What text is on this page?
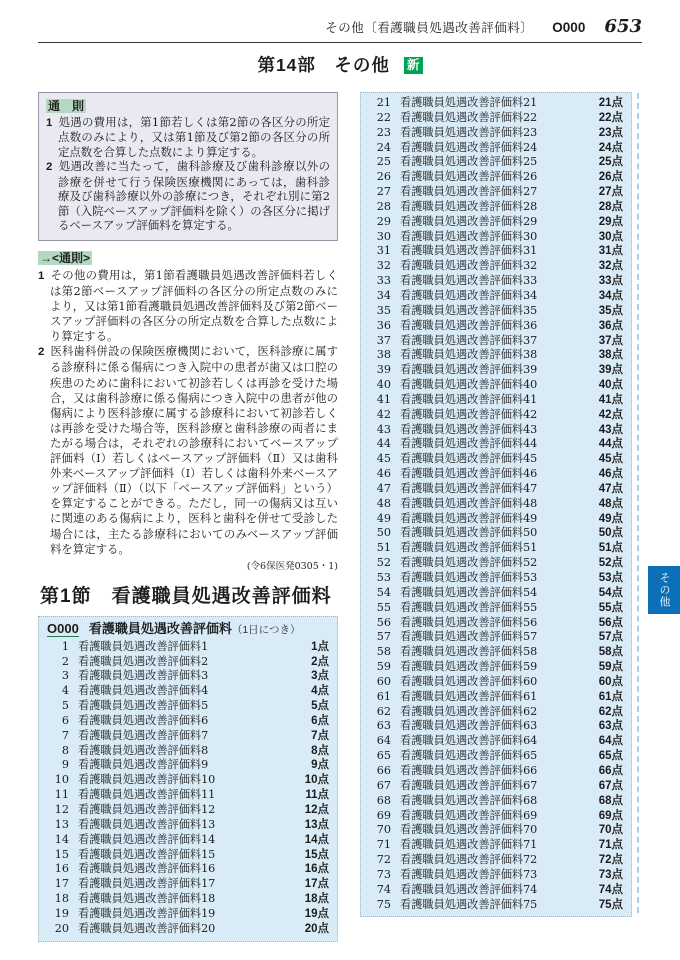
その他〔看護職員処遇改善評価料〕 O000 653
第14部　その他 新
通　則
1 処遇の費用は，第1節若しくは第2節の各区分の所定点数のみにより，又は第1節及び第2節の各区分の所定点数を合算した点数により算定する。
2 処遇改善に当たって，歯科診療及び歯科診療以外の診療を併せて行う保険医療機関にあっては，歯科診療及び歯科診療以外の診療につき，それぞれ別に第2節（入院ベースアップ評価料を除く）の各区分に掲げるベースアップ評価料を算定する。
→<通則>
1 その他の費用は，第1節看護職員処遇改善評価料若しくは第2節ベースアップ評価料の各区分の所定点数のみにより，又は第1節看護職員処遇改善評価料及び第2節ベースアップ評価料の各区分の所定点数を合算した点数により算定する。
2 医科歯科併設の保険医療機関において，医科診療に属する診療科に係る傷病につき入院中の患者が歯又は口腔の疾患のために歯科において初診若しくは再診を受けた場合，又は歯科診療に係る傷病につき入院中の患者が他の傷病により医科診療に属する診療科において初診若しくは再診を受けた場合等，医科診療と歯科診療の両者にまたがる場合は，それぞれの診療科においてベースアップ評価料（Ⅰ）若しくはベースアップ評価料（Ⅱ）又は歯科外来ベースアップ評価料（Ⅰ）若しくは歯科外来ベースアップ評価料（Ⅱ）（以下「ベースアップ評価料」という）を算定することができる。ただし，同一の傷病又は互いに関連のある傷病により，医科と歯科を併せて受診した場合には，主たる診療科においてのみベースアップ評価料を算定する。
(令6保医発0305・1)
第1節　看護職員処遇改善評価料
O000 看護職員処遇改善評価料（1日につき）
1 看護職員処遇改善評価料1	1点
2 看護職員処遇改善評価料2	2点
3 看護職員処遇改善評価料3	3点
4 看護職員処遇改善評価料4	4点
5 看護職員処遇改善評価料5	5点
6 看護職員処遇改善評価料6	6点
7 看護職員処遇改善評価料7	7点
8 看護職員処遇改善評価料8	8点
9 看護職員処遇改善評価料9	9点
10 看護職員処遇改善評価料10	10点
11 看護職員処遇改善評価料11	11点
12 看護職員処遇改善評価料12	12点
13 看護職員処遇改善評価料13	13点
14 看護職員処遇改善評価料14	14点
15 看護職員処遇改善評価料15	15点
16 看護職員処遇改善評価料16	16点
17 看護職員処遇改善評価料17	17点
18 看護職員処遇改善評価料18	18点
19 看護職員処遇改善評価料19	19点
20 看護職員処遇改善評価料20	20点
21 看護職員処遇改善評価料21	21点
22 看護職員処遇改善評価料22	22点
23 看護職員処遇改善評価料23	23点
24 看護職員処遇改善評価料24	24点
25 看護職員処遇改善評価料25	25点
26 看護職員処遇改善評価料26	26点
27 看護職員処遇改善評価料27	27点
28 看護職員処遇改善評価料28	28点
29 看護職員処遇改善評価料29	29点
30 看護職員処遇改善評価料30	30点
31 看護職員処遇改善評価料31	31点
32 看護職員処遇改善評価料32	32点
33 看護職員処遇改善評価料33	33点
34 看護職員処遇改善評価料34	34点
35 看護職員処遇改善評価料35	35点
36 看護職員処遇改善評価料36	36点
37 看護職員処遇改善評価料37	37点
38 看護職員処遇改善評価料38	38点
39 看護職員処遇改善評価料39	39点
40 看護職員処遇改善評価料40	40点
41 看護職員処遇改善評価料41	41点
42 看護職員処遇改善評価料42	42点
43 看護職員処遇改善評価料43	43点
44 看護職員処遇改善評価料44	44点
45 看護職員処遇改善評価料45	45点
46 看護職員処遇改善評価料46	46点
47 看護職員処遇改善評価料47	47点
48 看護職員処遇改善評価料48	48点
49 看護職員処遇改善評価料49	49点
50 看護職員処遇改善評価料50	50点
51 看護職員処遇改善評価料51	51点
52 看護職員処遇改善評価料52	52点
53 看護職員処遇改善評価料53	53点
54 看護職員処遇改善評価料54	54点
55 看護職員処遇改善評価料55	55点
56 看護職員処遇改善評価料56	56点
57 看護職員処遇改善評価料57	57点
58 看護職員処遇改善評価料58	58点
59 看護職員処遇改善評価料59	59点
60 看護職員処遇改善評価料60	60点
61 看護職員処遇改善評価料61	61点
62 看護職員処遇改善評価料62	62点
63 看護職員処遇改善評価料63	63点
64 看護職員処遇改善評価料64	64点
65 看護職員処遇改善評価料65	65点
66 看護職員処遇改善評価料66	66点
67 看護職員処遇改善評価料67	67点
68 看護職員処遇改善評価料68	68点
69 看護職員処遇改善評価料69	69点
70 看護職員処遇改善評価料70	70点
71 看護職員処遇改善評価料71	71点
72 看護職員処遇改善評価料72	72点
73 看護職員処遇改善評価料73	73点
74 看護職員処遇改善評価料74	74点
75 看護職員処遇改善評価料75	75点
その他
